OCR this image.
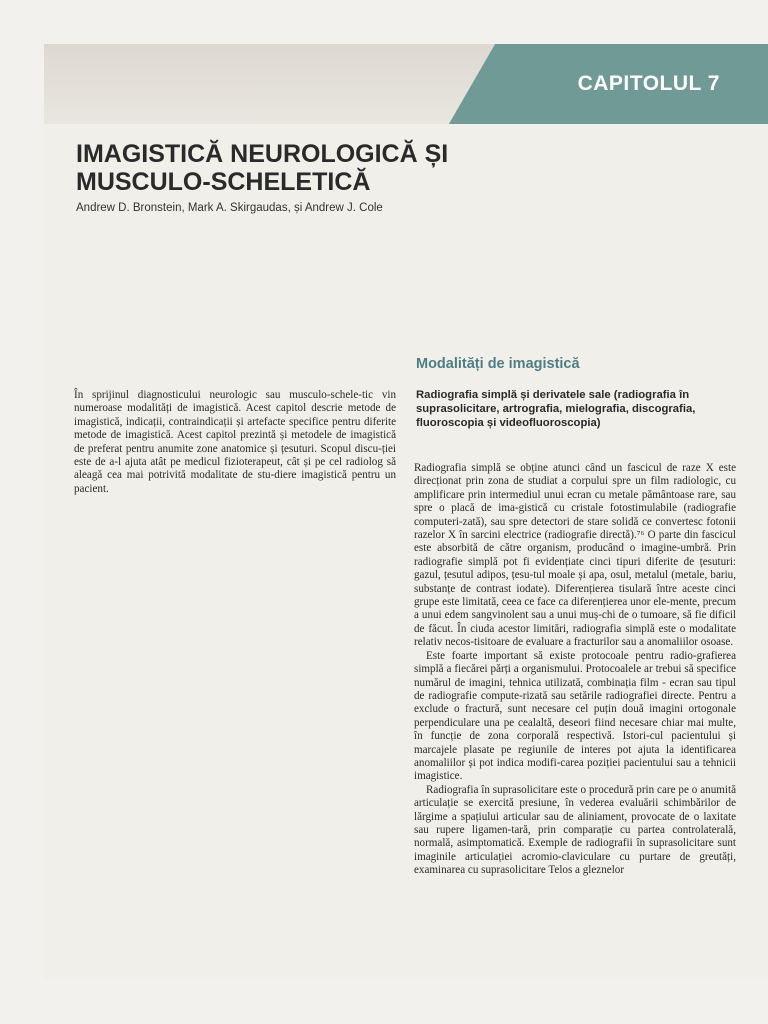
CAPITOLUL 7
IMAGISTICĂ NEUROLOGICĂ ȘI
MUSCULO-SCHELETICĂ
Andrew D. Bronstein, Mark A. Skirgaudas, și Andrew J. Cole

În sprijinul diagnosticului neurologic sau musculo-schele-tic vin numeroase modalități de imagistică. Acest capitol descrie metode de imagistică, indicații, contraindicații și artefacte specifice pentru diferite metode de imagistică. Acest capitol prezintă și metodele de imagistică de preferat pentru anumite zone anatomice și țesuturi. Scopul discu-ției este de a-l ajuta atât pe medicul fizioterapeut, cât și pe cel radiolog să aleagă cea mai potrivită modalitate de stu-diere imagistică pentru un pacient.

Modalități de imagistică
Radiografia simplă și derivatele sale (radiografia în suprasolicitare, artrografia, mielografia, discografia, fluoroscopia și videofluoroscopia)

Radiografia simplă se obține atunci când un fascicul de raze X este direcționat prin zona de studiat a corpului spre un film radiologic, cu amplificare prin intermediul unui ecran cu metale pământoase rare, sau spre o placă de ima-gistică cu cristale fotostimulabile (radiografie computeri-zată), sau spre detectori de stare solidă ce convertesc fotonii razelor X în sarcini electrice (radiografie directă).⁷⁶ O parte din fascicul este absorbită de către organism, producând o imagine-umbră. Prin radiografie simplă pot fi evidențiate cinci tipuri diferite de țesuturi: gazul, țesutul adipos, țesu-tul moale și apa, osul, metalul (metale, bariu, substanțe de contrast iodate). Diferențierea tisulară între aceste cinci grupe este limitată, ceea ce face ca diferențierea unor ele-mente, precum a unui edem sangvinolent sau a unui muș-chi de o tumoare, să fie dificil de făcut. În ciuda acestor limitări, radiografia simplă este o modalitate relativ necos-tisitoare de evaluare a fracturilor sau a anomaliilor osoase.

Este foarte important să existe protocoale pentru radio-grafierea simplă a fiecărei părți a organismului. Protocoalele ar trebui să specifice numărul de imagini, tehnica utilizată, combinația film - ecran sau tipul de radiografie compute-rizată sau setările radiografiei directe. Pentru a exclude o fractură, sunt necesare cel puțin două imagini ortogonale perpendiculare una pe cealaltă, deseori fiind necesare chiar mai multe, în funcție de zona corporală respectivă. Istori-cul pacientului și marcajele plasate pe regiunile de interes pot ajuta la identificarea anomaliilor și pot indica modifi-carea poziției pacientului sau a tehnicii imagistice.

Radiografia în suprasolicitare este o procedură prin care pe o anumită articulație se exercită presiune, în vederea evaluării schimbărilor de lărgime a spațiului articular sau de aliniament, provocate de o laxitate sau rupere ligamen-tară, prin comparație cu partea controlaterală, normală, asimptomatică. Exemple de radiografii în suprasolicitare sunt imaginile articulației acromio-claviculare cu purtare de greutăți, examinarea cu suprasolicitare Telos a gleznelor
